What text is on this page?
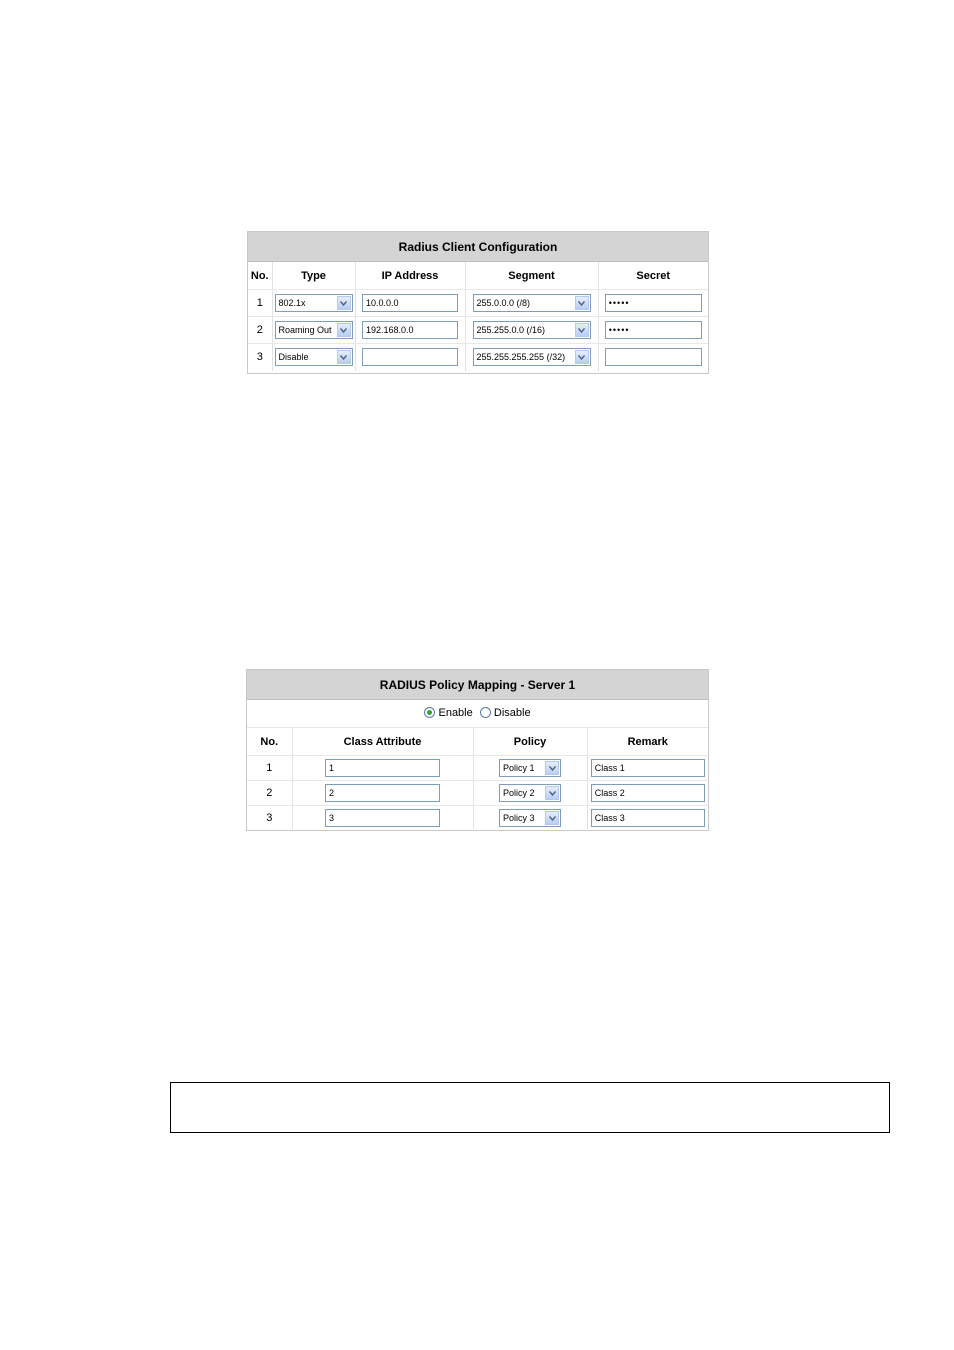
Radius Client Configuration
No.	Type	IP Address	Segment	Secret
1	802.1x	10.0.0.0	255.0.0.0 (/8)	•••••
2	Roaming Out	192.168.0.0	255.255.0.0 (/16)	•••••
3	Disable		255.255.255.255 (/32)	

RADIUS Policy Mapping - Server 1
Enable Disable
No.	Class Attribute	Policy	Remark
1	1	Policy 1	Class 1
2	2	Policy 2	Class 2
3	3	Policy 3	Class 3
